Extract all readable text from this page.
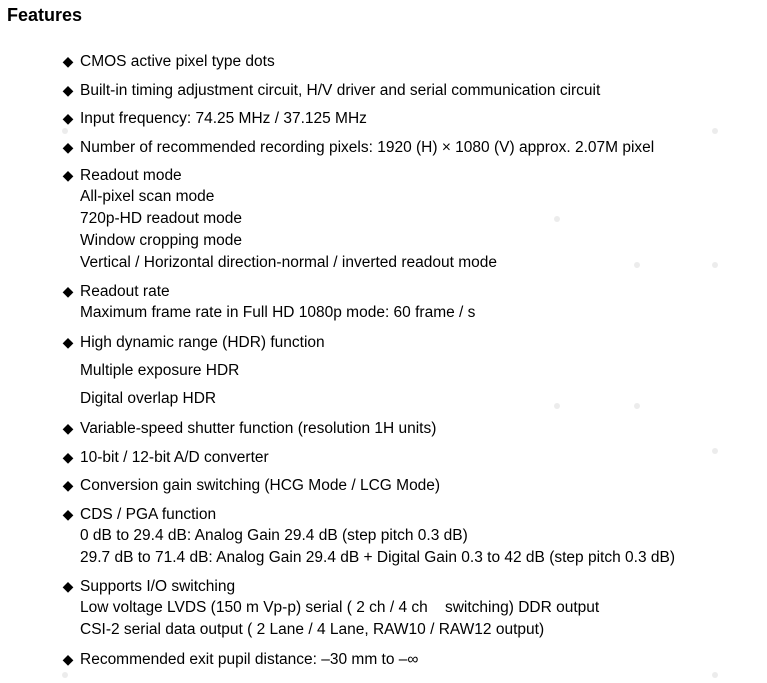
Features
◆ CMOS active pixel type dots
◆ Built-in timing adjustment circuit, H/V driver and serial communication circuit
◆ Input frequency: 74.25 MHz / 37.125 MHz
◆ Number of recommended recording pixels: 1920 (H) × 1080 (V) approx. 2.07M pixel
◆ Readout mode
All-pixel scan mode
720p-HD readout mode
Window cropping mode
Vertical / Horizontal direction-normal / inverted readout mode
◆ Readout rate
Maximum frame rate in Full HD 1080p mode: 60 frame / s
◆ High dynamic range (HDR) function
Multiple exposure HDR
Digital overlap HDR
◆ Variable-speed shutter function (resolution 1H units)
◆ 10-bit / 12-bit A/D converter
◆ Conversion gain switching (HCG Mode / LCG Mode)
◆ CDS / PGA function
0 dB to 29.4 dB: Analog Gain 29.4 dB (step pitch 0.3 dB)
29.7 dB to 71.4 dB: Analog Gain 29.4 dB + Digital Gain 0.3 to 42 dB (step pitch 0.3 dB)
◆ Supports I/O switching
Low voltage LVDS (150 m Vp-p) serial ( 2 ch / 4 ch    switching) DDR output
CSI-2 serial data output ( 2 Lane / 4 Lane, RAW10 / RAW12 output)
◆ Recommended exit pupil distance: –30 mm to –∞
